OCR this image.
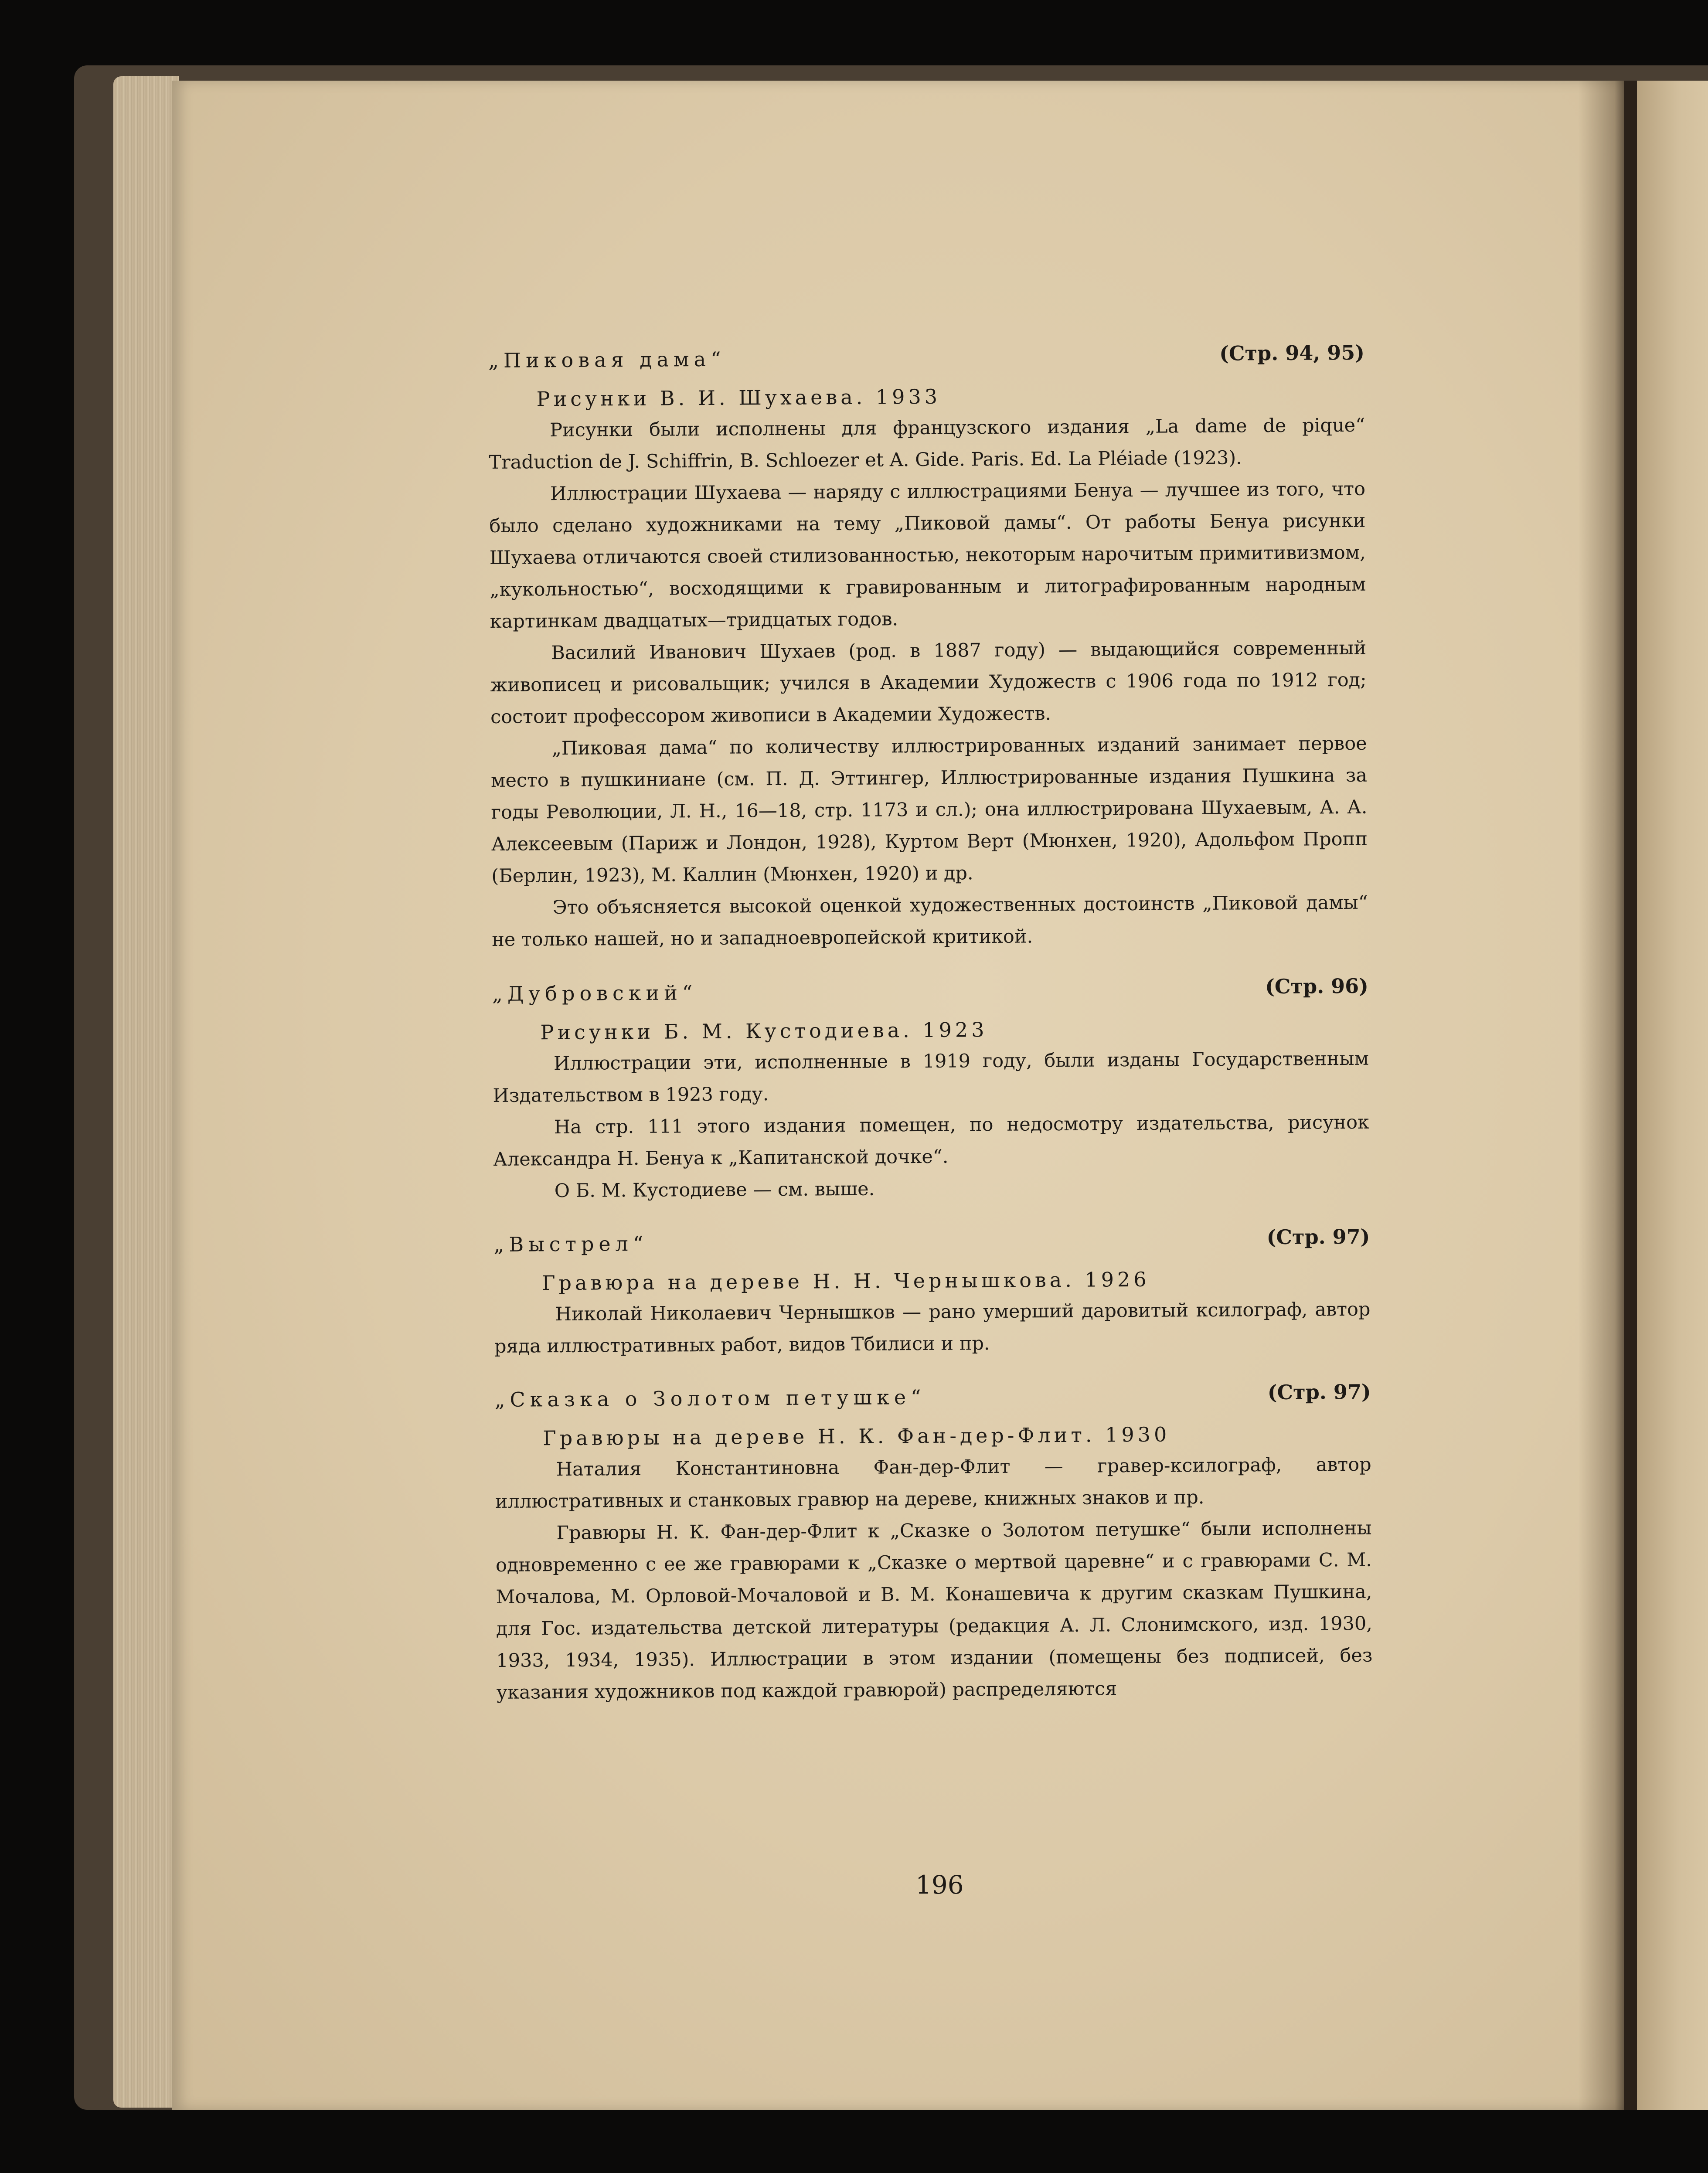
„Пиковая дама“	(Стр. 94, 95)
Рисунки В. И. Шухаева. 1933

Рисунки были исполнены для французского издания „La dame de pique“ Traduction de J. Schiffrin, B. Schloezer et A. Gide. Paris. Ed. La Pléiade (1923).

Иллюстрации Шухаева — наряду с иллюстрациями Бенуа — лучшее из того, что было сделано художниками на тему „Пиковой дамы“. От работы Бенуа рисунки Шухаева отличаются своей стилизованностью, некоторым нарочитым примитивизмом, „кукольностью“, восходящими к гравированным и литографированным народным картинкам двадцатых—тридцатых годов.

Василий Иванович Шухаев (род. в 1887 году) — выдающийся современный живописец и рисовальщик; учился в Академии Художеств с 1906 года по 1912 год; состоит профессором живописи в Академии Художеств.

„Пиковая дама“ по количеству иллюстрированных изданий занимает первое место в пушкиниане (см. П. Д. Эттингер, Иллюстрированные издания Пушкина за годы Революции, Л. Н., 16—18, стр. 1173 и сл.); она иллюстрирована Шухаевым, А. А. Алексеевым (Париж и Лондон, 1928), Куртом Верт (Мюнхен, 1920), Адольфом Пропп (Берлин, 1923), М. Каллин (Мюнхен, 1920) и др.

Это объясняется высокой оценкой художественных достоинств „Пиковой дамы“ не только нашей, но и западноевропейской критикой.

„Дубровский“	(Стр. 96)
Рисунки Б. М. Кустодиева. 1923

Иллюстрации эти, исполненные в 1919 году, были изданы Государственным Издательством в 1923 году.

На стр. 111 этого издания помещен, по недосмотру издательства, рисунок Александра Н. Бенуа к „Капитанской дочке“.

О Б. М. Кустодиеве — см. выше.

„Выстрел“	(Стр. 97)
Гравюра на дереве Н. Н. Чернышкова. 1926

Николай Николаевич Чернышков — рано умерший даровитый ксилограф, автор ряда иллюстративных работ, видов Тбилиси и пр.

„Сказка о Золотом петушке“	(Стр. 97)
Гравюры на дереве Н. К. Фан-дер-Флит. 1930

Наталия Константиновна Фан-дер-Флит — гравер-ксилограф, автор иллюстративных и станковых гравюр на дереве, книжных знаков и пр.

Гравюры Н. К. Фан-дер-Флит к „Сказке о Золотом петушке“ были исполнены одновременно с ее же гравюрами к „Сказке о мертвой царевне“ и с гравюрами С. М. Мочалова, М. Орловой-Мочаловой и В. М. Конашевича к другим сказкам Пушкина, для Гос. издательства детской литературы (редакция А. Л. Слонимского, изд. 1930, 1933, 1934, 1935). Иллюстрации в этом издании (помещены без подписей, без указания художников под каждой гравюрой) распределяются

196
